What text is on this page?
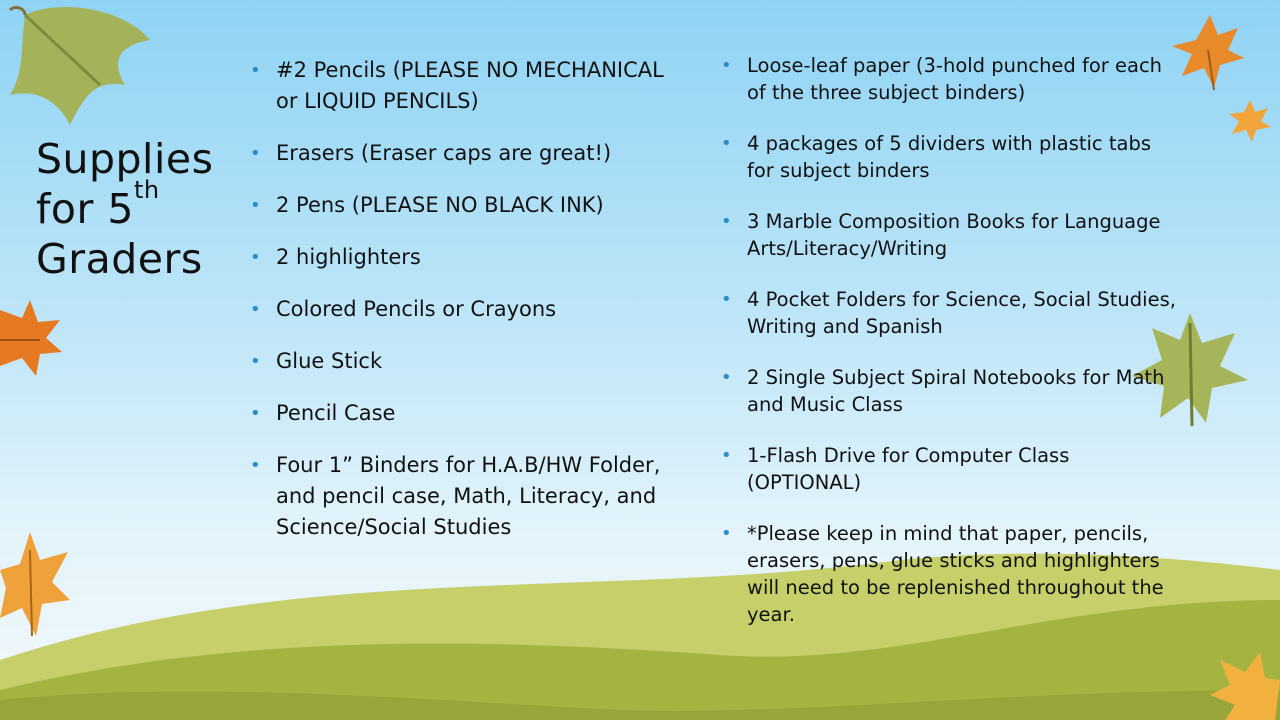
Supplies for 5th
Graders
• #2 Pencils (PLEASE NO MECHANICAL or LIQUID PENCILS)
• Erasers (Eraser caps are great!)
• 2 Pens (PLEASE NO BLACK INK)
• 2 highlighters
• Colored Pencils or Crayons
• Glue Stick
• Pencil Case
• Four 1” Binders for H.A.B/HW Folder, and pencil case, Math, Literacy, and Science/Social Studies
• Loose-leaf paper (3-hold punched for each of the three subject binders)
• 4 packages of 5 dividers with plastic tabs for subject binders
• 3 Marble Composition Books for Language Arts/Literacy/Writing
• 4 Pocket Folders for Science, Social Studies, Writing and Spanish
• 2 Single Subject Spiral Notebooks for Math and Music Class
• 1-Flash Drive for Computer Class (OPTIONAL)
• *Please keep in mind that paper, pencils, erasers, pens, glue sticks and highlighters will need to be replenished throughout the year.
